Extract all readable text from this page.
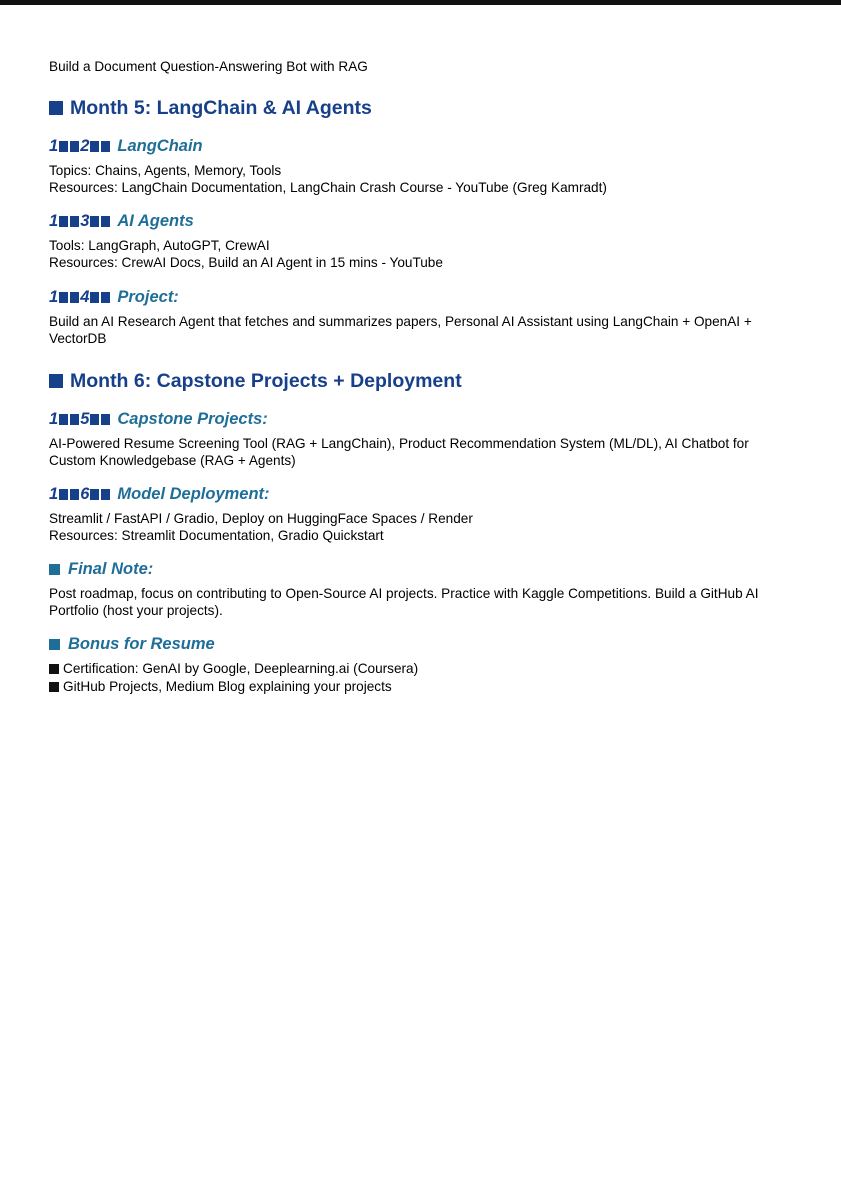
Build a Document Question-Answering Bot with RAG

Month 5: LangChain & AI Agents
1 2 LangChain

Topics: Chains, Agents, Memory, Tools

Resources: LangChain Documentation, LangChain Crash Course - YouTube (Greg Kamradt)

1 3 AI Agents

Tools: LangGraph, AutoGPT, CrewAI

Resources: CrewAI Docs, Build an AI Agent in 15 mins - YouTube

1 4 Project:

Build an AI Research Agent that fetches and summarizes papers, Personal AI Assistant using LangChain + OpenAI +

VectorDB

Month 6: Capstone Projects + Deployment
1 5 Capstone Projects:

AI-Powered Resume Screening Tool (RAG + LangChain), Product Recommendation System (ML/DL), AI Chatbot for

Custom Knowledgebase (RAG + Agents)

1 6 Model Deployment:

Streamlit / FastAPI / Gradio, Deploy on HuggingFace Spaces / Render

Resources: Streamlit Documentation, Gradio Quickstart

Final Note:

Post roadmap, focus on contributing to Open-Source AI projects. Practice with Kaggle Competitions. Build a GitHub AI

Portfolio (host your projects).

Bonus for Resume

Certification: GenAI by Google, Deeplearning.ai (Coursera)

GitHub Projects, Medium Blog explaining your projects
